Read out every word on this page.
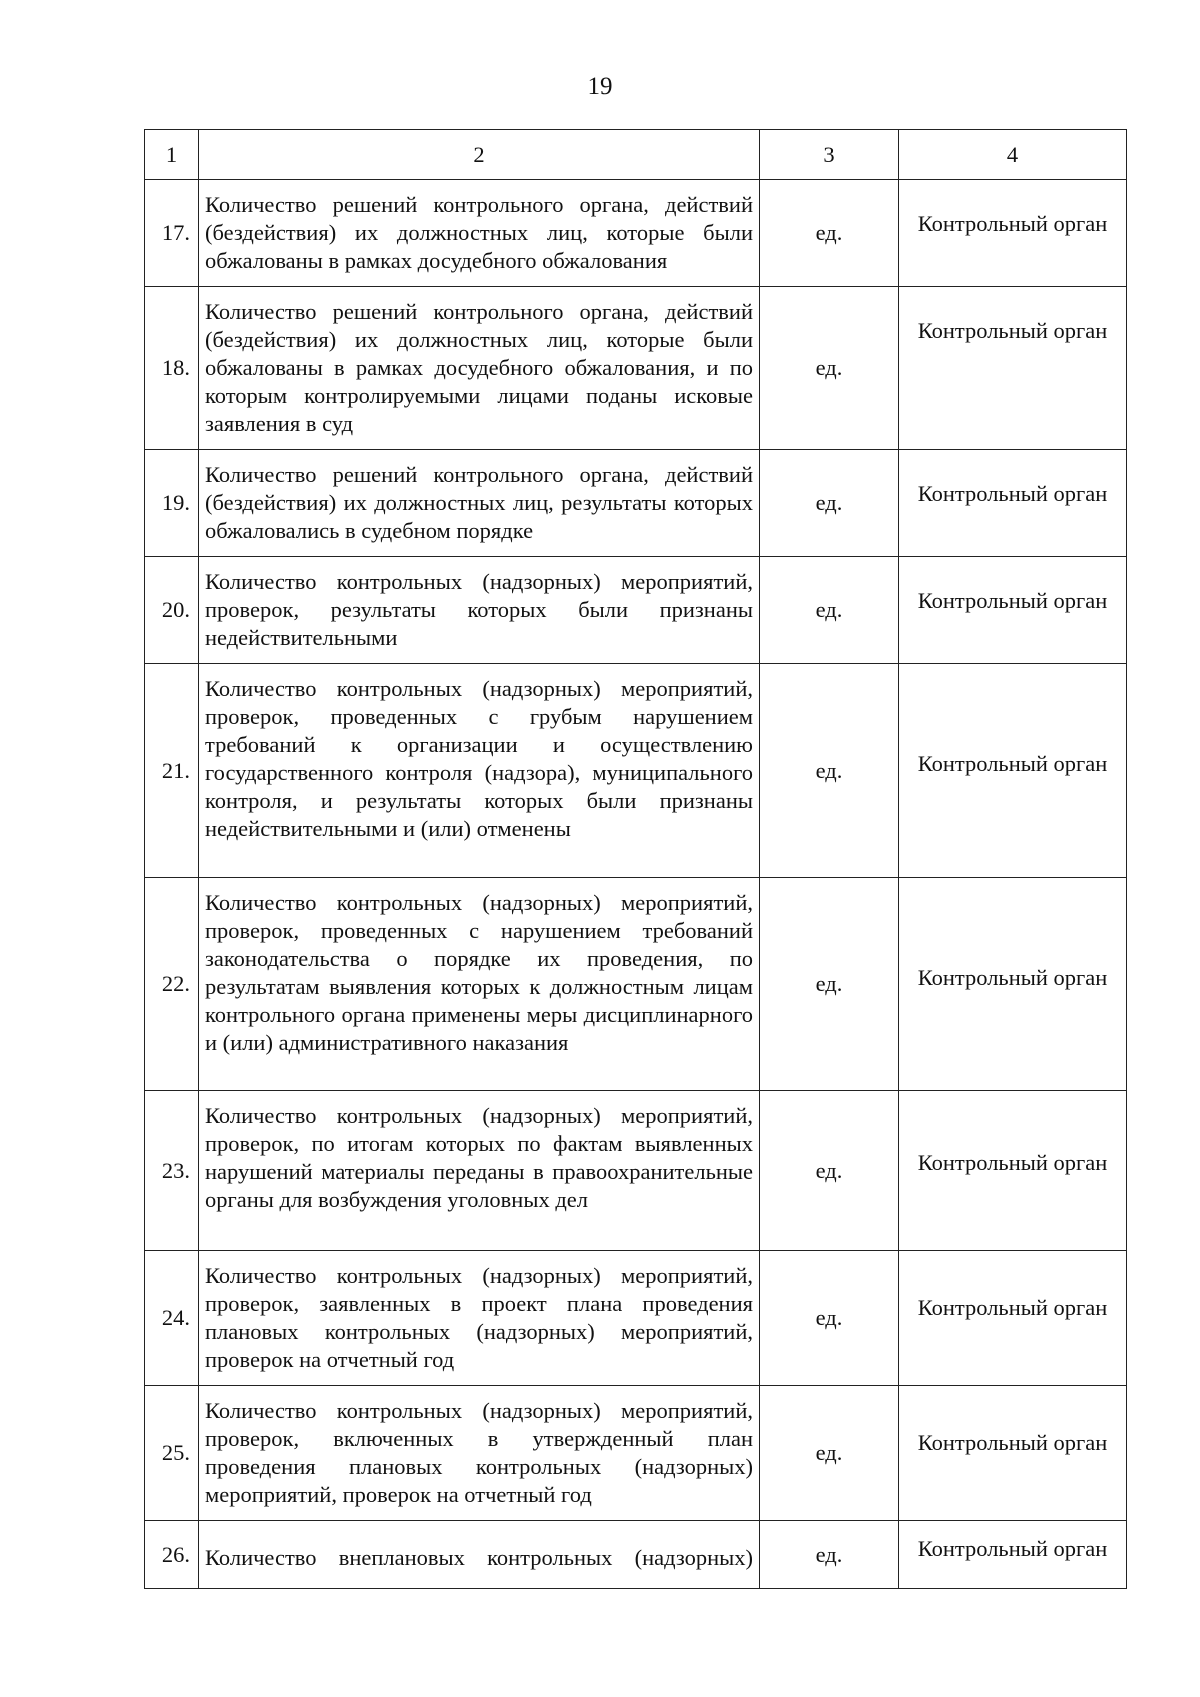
19
1	2	3	4
17.	Количество решений контрольного органа, действий (бездействия) их должностных лиц, которые были обжалованы в рамках досудебного обжалования	ед.	Контрольный орган
18.	Количество решений контрольного органа, действий (бездействия) их должностных лиц, которые были обжалованы в рамках досудебного обжалования, и по которым контролируемыми лицами поданы исковые заявления в суд	ед.	Контрольный орган
19.	Количество решений контрольного органа, действий (бездействия) их должностных лиц, результаты которых обжаловались в судебном порядке	ед.	Контрольный орган
20.	Количество контрольных (надзорных) мероприятий, проверок, результаты которых были признаны недействительными	ед.	Контрольный орган
21.	Количество контрольных (надзорных) мероприятий, проверок, проведенных с грубым нарушением требований к организации и осуществлению государственного контроля (надзора), муниципального контроля, и результаты которых были признаны недействительными и (или) отменены	ед.	Контрольный орган
22.	Количество контрольных (надзорных) мероприятий, проверок, проведенных с нарушением требований законодательства о порядке их проведения, по результатам выявления которых к должностным лицам контрольного органа применены меры дисциплинарного и (или) административного наказания	ед.	Контрольный орган
23.	Количество контрольных (надзорных) мероприятий, проверок, по итогам которых по фактам выявленных нарушений материалы переданы в правоохранительные органы для возбуждения уголовных дел	ед.	Контрольный орган
24.	Количество контрольных (надзорных) мероприятий, проверок, заявленных в проект плана проведения плановых контрольных (надзорных) мероприятий, проверок на отчетный год	ед.	Контрольный орган
25.	Количество контрольных (надзорных) мероприятий, проверок, включенных в утвержденный план проведения плановых контрольных (надзорных) мероприятий, проверок на отчетный год	ед.	Контрольный орган
26.	Количество внеплановых контрольных (надзорных)	ед.	Контрольный орган
